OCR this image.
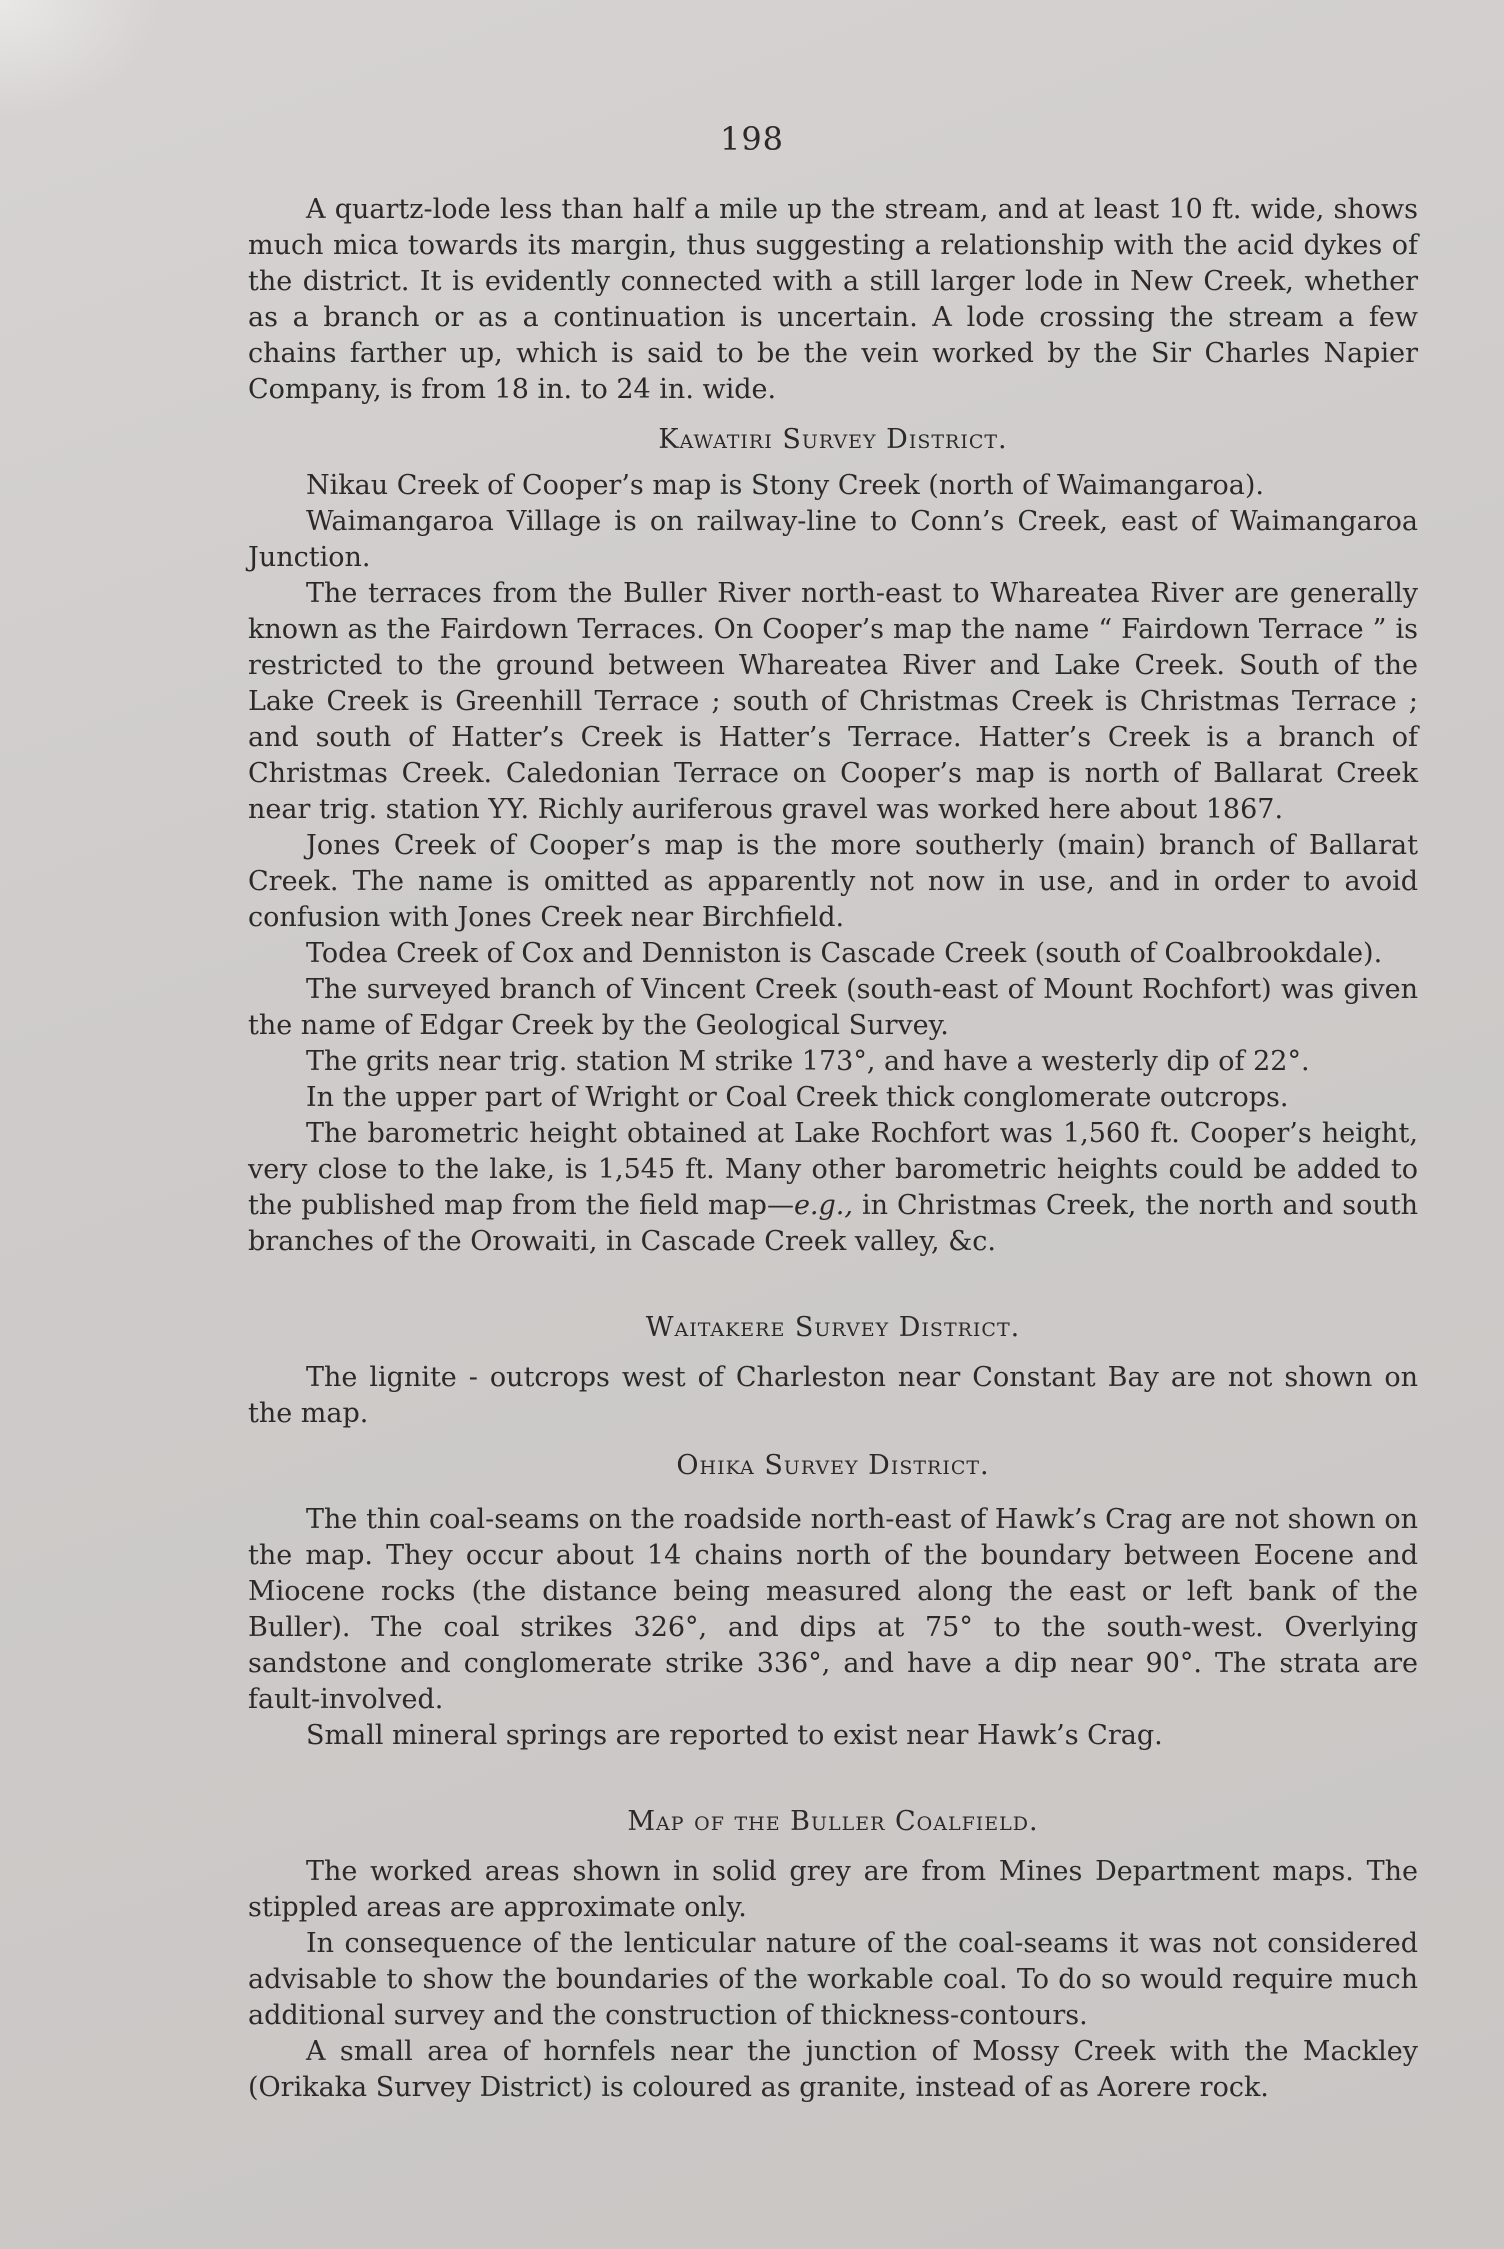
198

A quartz-lode less than half a mile up the stream, and at least 10 ft. wide, shows much mica towards its margin, thus suggesting a relationship with the acid dykes of the district. It is evidently connected with a still larger lode in New Creek, whether as a branch or as a continuation is uncertain. A lode crossing the stream a few chains farther up, which is said to be the vein worked by the Sir Charles Napier Company, is from 18 in. to 24 in. wide.

Kawatiri Survey District.

Nikau Creek of Cooper’s map is Stony Creek (north of Waimangaroa).

Waimangaroa Village is on railway-line to Conn’s Creek, east of Waimangaroa Junction.

The terraces from the Buller River north-east to Whareatea River are generally known as the Fairdown Terraces. On Cooper’s map the name “ Fairdown Terrace ” is restricted to the ground between Whareatea River and Lake Creek. South of the Lake Creek is Greenhill Terrace ; south of Christmas Creek is Christmas Terrace ; and south of Hatter’s Creek is Hatter’s Terrace. Hatter’s Creek is a branch of Christmas Creek. Caledonian Terrace on Cooper’s map is north of Ballarat Creek near trig. station YY. Richly auriferous gravel was worked here about 1867.

Jones Creek of Cooper’s map is the more southerly (main) branch of Ballarat Creek. The name is omitted as apparently not now in use, and in order to avoid confusion with Jones Creek near Birchfield.

Todea Creek of Cox and Denniston is Cascade Creek (south of Coalbrookdale).

The surveyed branch of Vincent Creek (south-east of Mount Rochfort) was given the name of Edgar Creek by the Geological Survey.

The grits near trig. station M strike 173°, and have a westerly dip of 22°.

In the upper part of Wright or Coal Creek thick conglomerate outcrops.

The barometric height obtained at Lake Rochfort was 1,560 ft. Cooper’s height, very close to the lake, is 1,545 ft. Many other barometric heights could be added to the published map from the field map—e.g., in Christmas Creek, the north and south branches of the Orowaiti, in Cascade Creek valley, &c.

Waitakere Survey District.

The lignite - outcrops west of Charleston near Constant Bay are not shown on the map.

Ohika Survey District.

The thin coal-seams on the roadside north-east of Hawk’s Crag are not shown on the map. They occur about 14 chains north of the boundary between Eocene and Miocene rocks (the distance being measured along the east or left bank of the Buller). The coal strikes 326°, and dips at 75° to the south-west. Overlying sandstone and conglomerate strike 336°, and have a dip near 90°. The strata are fault-involved.

Small mineral springs are reported to exist near Hawk’s Crag.

Map of the Buller Coalfield.

The worked areas shown in solid grey are from Mines Department maps. The stippled areas are approximate only.

In consequence of the lenticular nature of the coal-seams it was not considered advisable to show the boundaries of the workable coal. To do so would require much additional survey and the construction of thickness-contours.

A small area of hornfels near the junction of Mossy Creek with the Mackley (Orikaka Survey District) is coloured as granite, instead of as Aorere rock.
